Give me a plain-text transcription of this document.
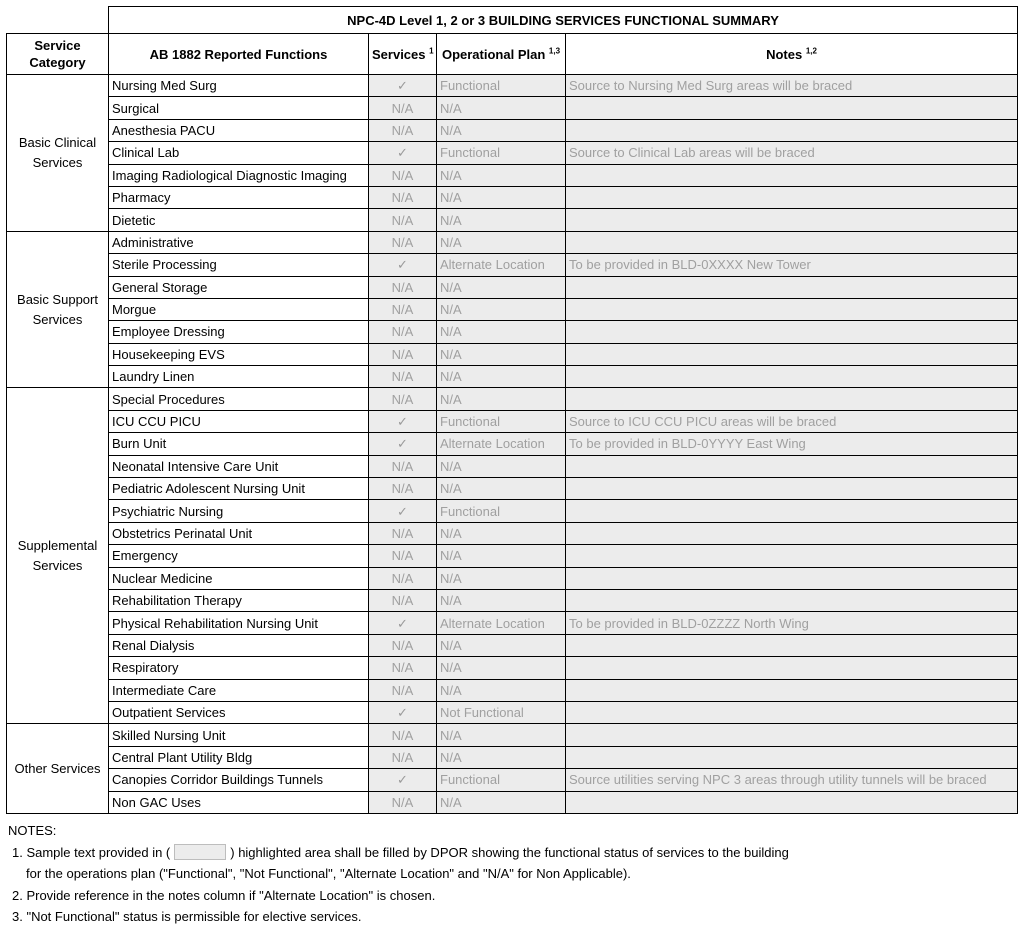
	NPC-4D Level 1, 2 or 3 BUILDING SERVICES FUNCTIONAL SUMMARY			
Service Category	AB 1882 Reported Functions	Services $^1$	Operational Plan $^{1,3}$	Notes $^{1,2}$
Basic Clinical Services	Nursing Med Surg	✓	Functional	Source to Nursing Med Surg areas will be braced
	Surgical	N/A	N/A	
	Anesthesia PACU	N/A	N/A	
	Clinical Lab	✓	Functional	Source to Clinical Lab areas will be braced
	Imaging Radiological Diagnostic Imaging	N/A	N/A	
	Pharmacy	N/A	N/A	
	Dietetic	N/A	N/A	
Basic Support Services	Administrative	N/A	N/A	
	Sterile Processing	✓	Alternate Location	To be provided in BLD-0XXXX New Tower
	General Storage	N/A	N/A	
	Morgue	N/A	N/A	
	Employee Dressing	N/A	N/A	
	Housekeeping EVS	N/A	N/A	
	Laundry Linen	N/A	N/A	
Supplemental Services	Special Procedures	N/A	N/A	
	ICU CCU PICU	✓	Functional	Source to ICU CCU PICU areas will be braced
	Burn Unit	✓	Alternate Location	To be provided in BLD-0YYYY East Wing
	Neonatal Intensive Care Unit	N/A	N/A	
	Pediatric Adolescent Nursing Unit	N/A	N/A	
	Psychiatric Nursing	✓	Functional	
	Obstetrics Perinatal Unit	N/A	N/A	
	Emergency	N/A	N/A	
	Nuclear Medicine	N/A	N/A	
	Rehabilitation Therapy	N/A	N/A	
	Physical Rehabilitation Nursing Unit	✓	Alternate Location	To be provided in BLD-0ZZZZ North Wing
	Renal Dialysis	N/A	N/A	
	Respiratory	N/A	N/A	
	Intermediate Care	N/A	N/A	
	Outpatient Services	✓	Not Functional	
Other Services	Skilled Nursing Unit	N/A	N/A	
	Central Plant Utility Bldg	N/A	N/A	
	Canopies Corridor Buildings Tunnels	✓	Functional	Source utilities serving NPC 3 areas through utility tunnels will be braced
	Non GAC Uses	N/A	N/A	
NOTES:
1. Sample text provided in (	) highlighted area shall be filled by DPOR showing the functional status of services to the building
for the operations plan ("Functional", "Not Functional", "Alternate Location" and "N/A" for Non Applicable).
2. Provide reference in the notes column if "Alternate Location" is chosen.
3. "Not Functional" status is permissible for elective services.
